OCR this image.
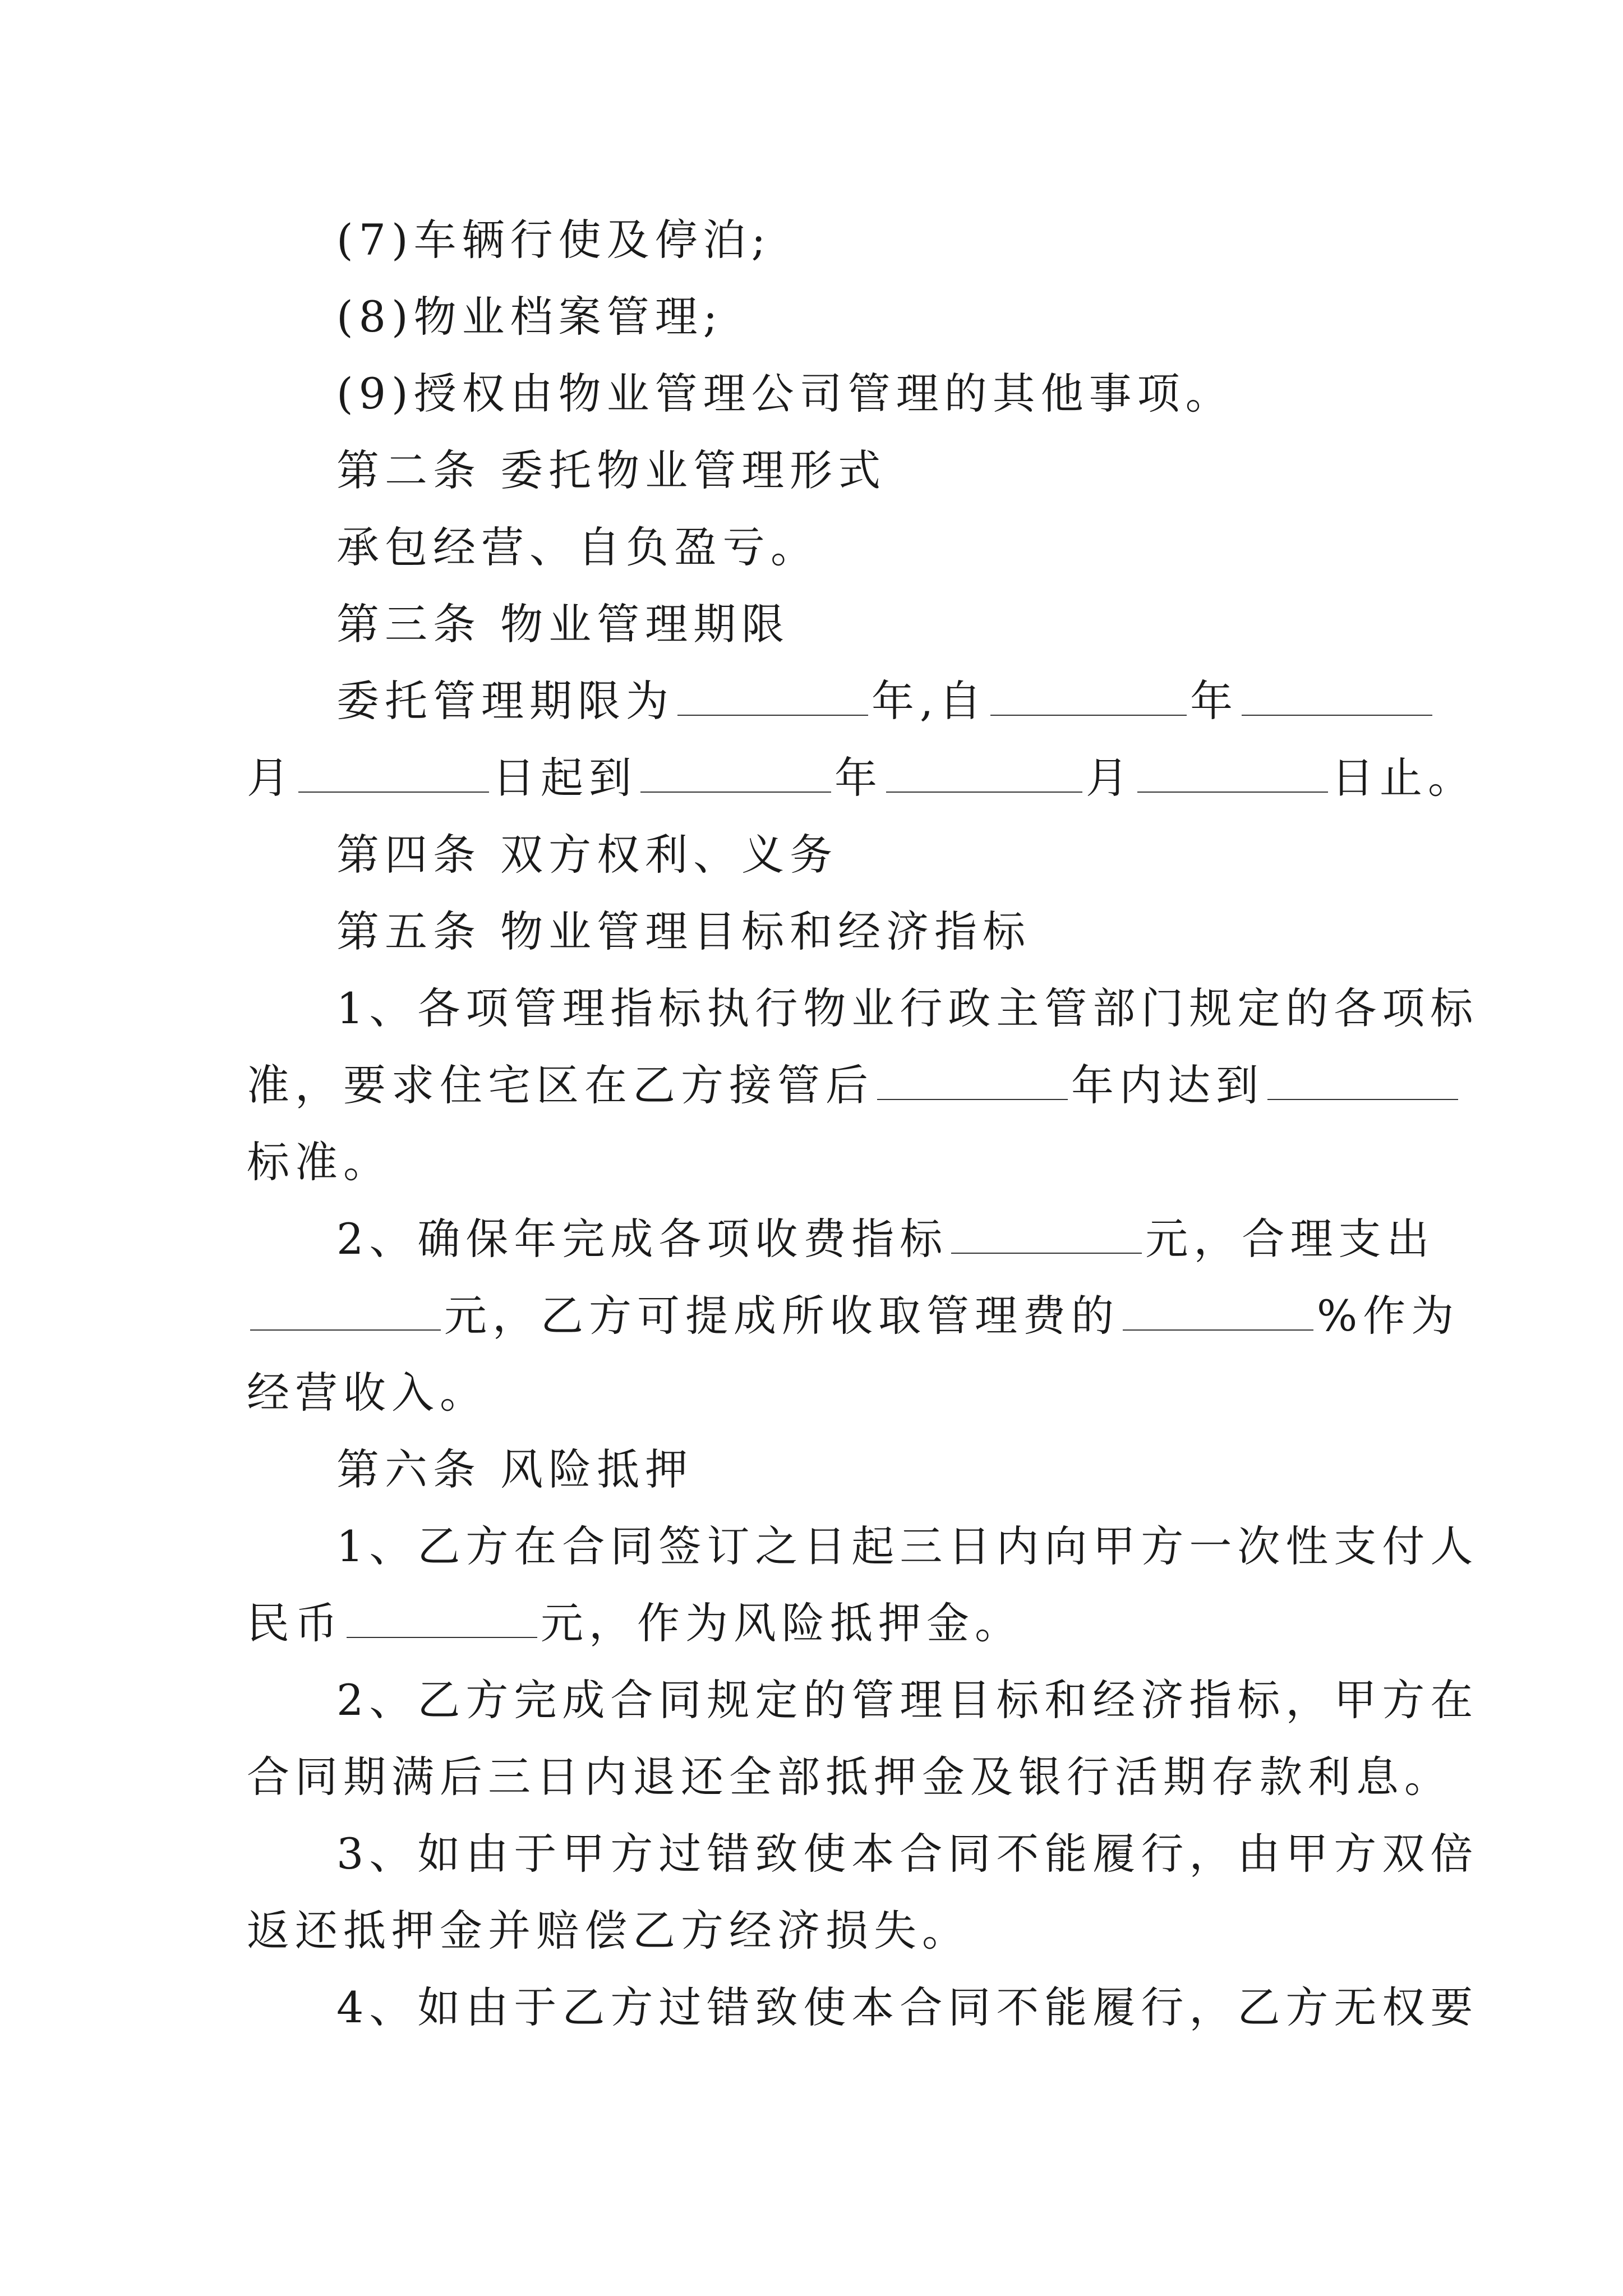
(7)车辆行使及停泊;
(8)物业档案管理;
(9)授权由物业管理公司管理的其他事项。
第二条 委托物业管理形式
承包经营、自负盈亏。
第三条 物业管理期限
委托管理期限为	年,自	年
月	日起到	年	月	日止。
第四条 双方权利、义务
第五条 物业管理目标和经济指标
1、各项管理指标执行物业行政主管部门规定的各项标
准，要求住宅区在乙方接管后	年内达到
标准。
2、确保年完成各项收费指标	元，合理支出
元，乙方可提成所收取管理费的	%作为
经营收入。
第六条 风险抵押
1、乙方在合同签订之日起三日内向甲方一次性支付人
民币	元，作为风险抵押金。
2、乙方完成合同规定的管理目标和经济指标，甲方在
合同期满后三日内退还全部抵押金及银行活期存款利息。
3、如由于甲方过错致使本合同不能履行，由甲方双倍
返还抵押金并赔偿乙方经济损失。
4、如由于乙方过错致使本合同不能履行，乙方无权要
